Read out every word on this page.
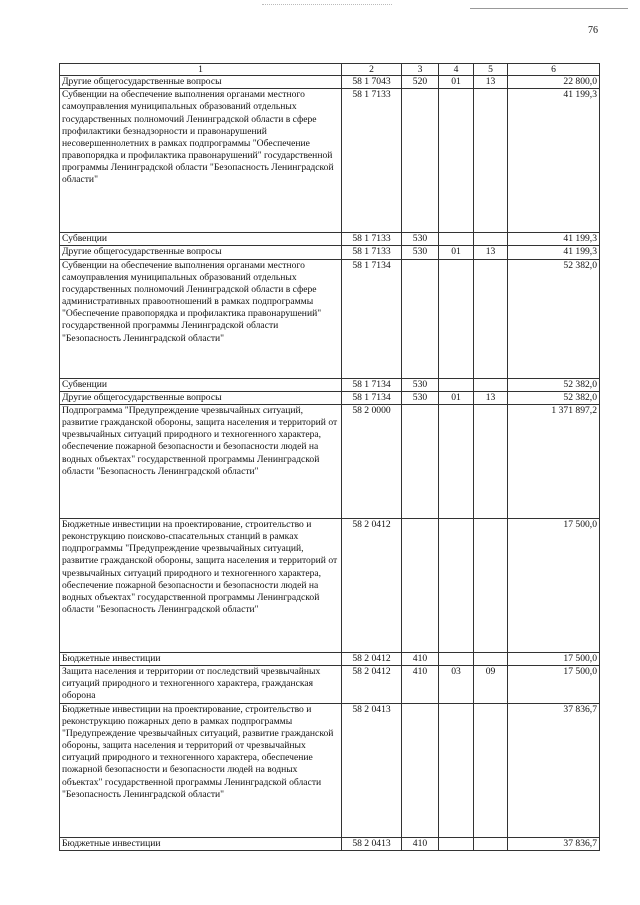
76
1	2	3	4	5	6
Другие общегосударственные вопросы	58 1 7043	520	01	13	22 800,0
Субвенции на обеспечение выполнения органами местного самоуправления муниципальных образований отдельных государственных полномочий Ленинградской области в сфере профилактики безнадзорности и правонарушений несовершеннолетних в рамках подпрограммы "Обеспечение правопорядка и профилактика правонарушений" государственной программы Ленинградской области "Безопасность Ленинградской области"	58 1 7133				41 199,3
Субвенции	58 1 7133	530			41 199,3
Другие общегосударственные вопросы	58 1 7133	530	01	13	41 199,3
Субвенции на обеспечение выполнения органами местного самоуправления муниципальных образований отдельных государственных полномочий Ленинградской области в сфере административных правоотношений в рамках подпрограммы "Обеспечение правопорядка и профилактика правонарушений" государственной программы Ленинградской области "Безопасность Ленинградской области"	58 1 7134				52 382,0
Субвенции	58 1 7134	530			52 382,0
Другие общегосударственные вопросы	58 1 7134	530	01	13	52 382,0
Подпрограмма "Предупреждение чрезвычайных ситуаций, развитие гражданской обороны, защита населения и территорий от чрезвычайных ситуаций природного и техногенного характера, обеспечение пожарной безопасности и безопасности людей на водных объектах" государственной программы Ленинградской области "Безопасность Ленинградской области"	58 2 0000				1 371 897,2
Бюджетные инвестиции на проектирование, строительство и реконструкцию поисково-спасательных станций в рамках подпрограммы "Предупреждение чрезвычайных ситуаций, развитие гражданской обороны, защита населения и территорий от чрезвычайных ситуаций природного и техногенного характера, обеспечение пожарной безопасности и безопасности людей на водных объектах" государственной программы Ленинградской области "Безопасность Ленинградской области"	58 2 0412				17 500,0
Бюджетные инвестиции	58 2 0412	410			17 500,0
Защита населения и территории от последствий чрезвычайных ситуаций природного и техногенного характера, гражданская оборона	58 2 0412	410	03	09	17 500,0
Бюджетные инвестиции на проектирование, строительство и реконструкцию пожарных депо в рамках подпрограммы "Предупреждение чрезвычайных ситуаций, развитие гражданской обороны, защита населения и территорий от чрезвычайных ситуаций природного и техногенного характера, обеспечение пожарной безопасности и безопасности людей на водных объектах" государственной программы Ленинградской области "Безопасность Ленинградской области"	58 2 0413				37 836,7
Бюджетные инвестиции	58 2 0413	410			37 836,7
